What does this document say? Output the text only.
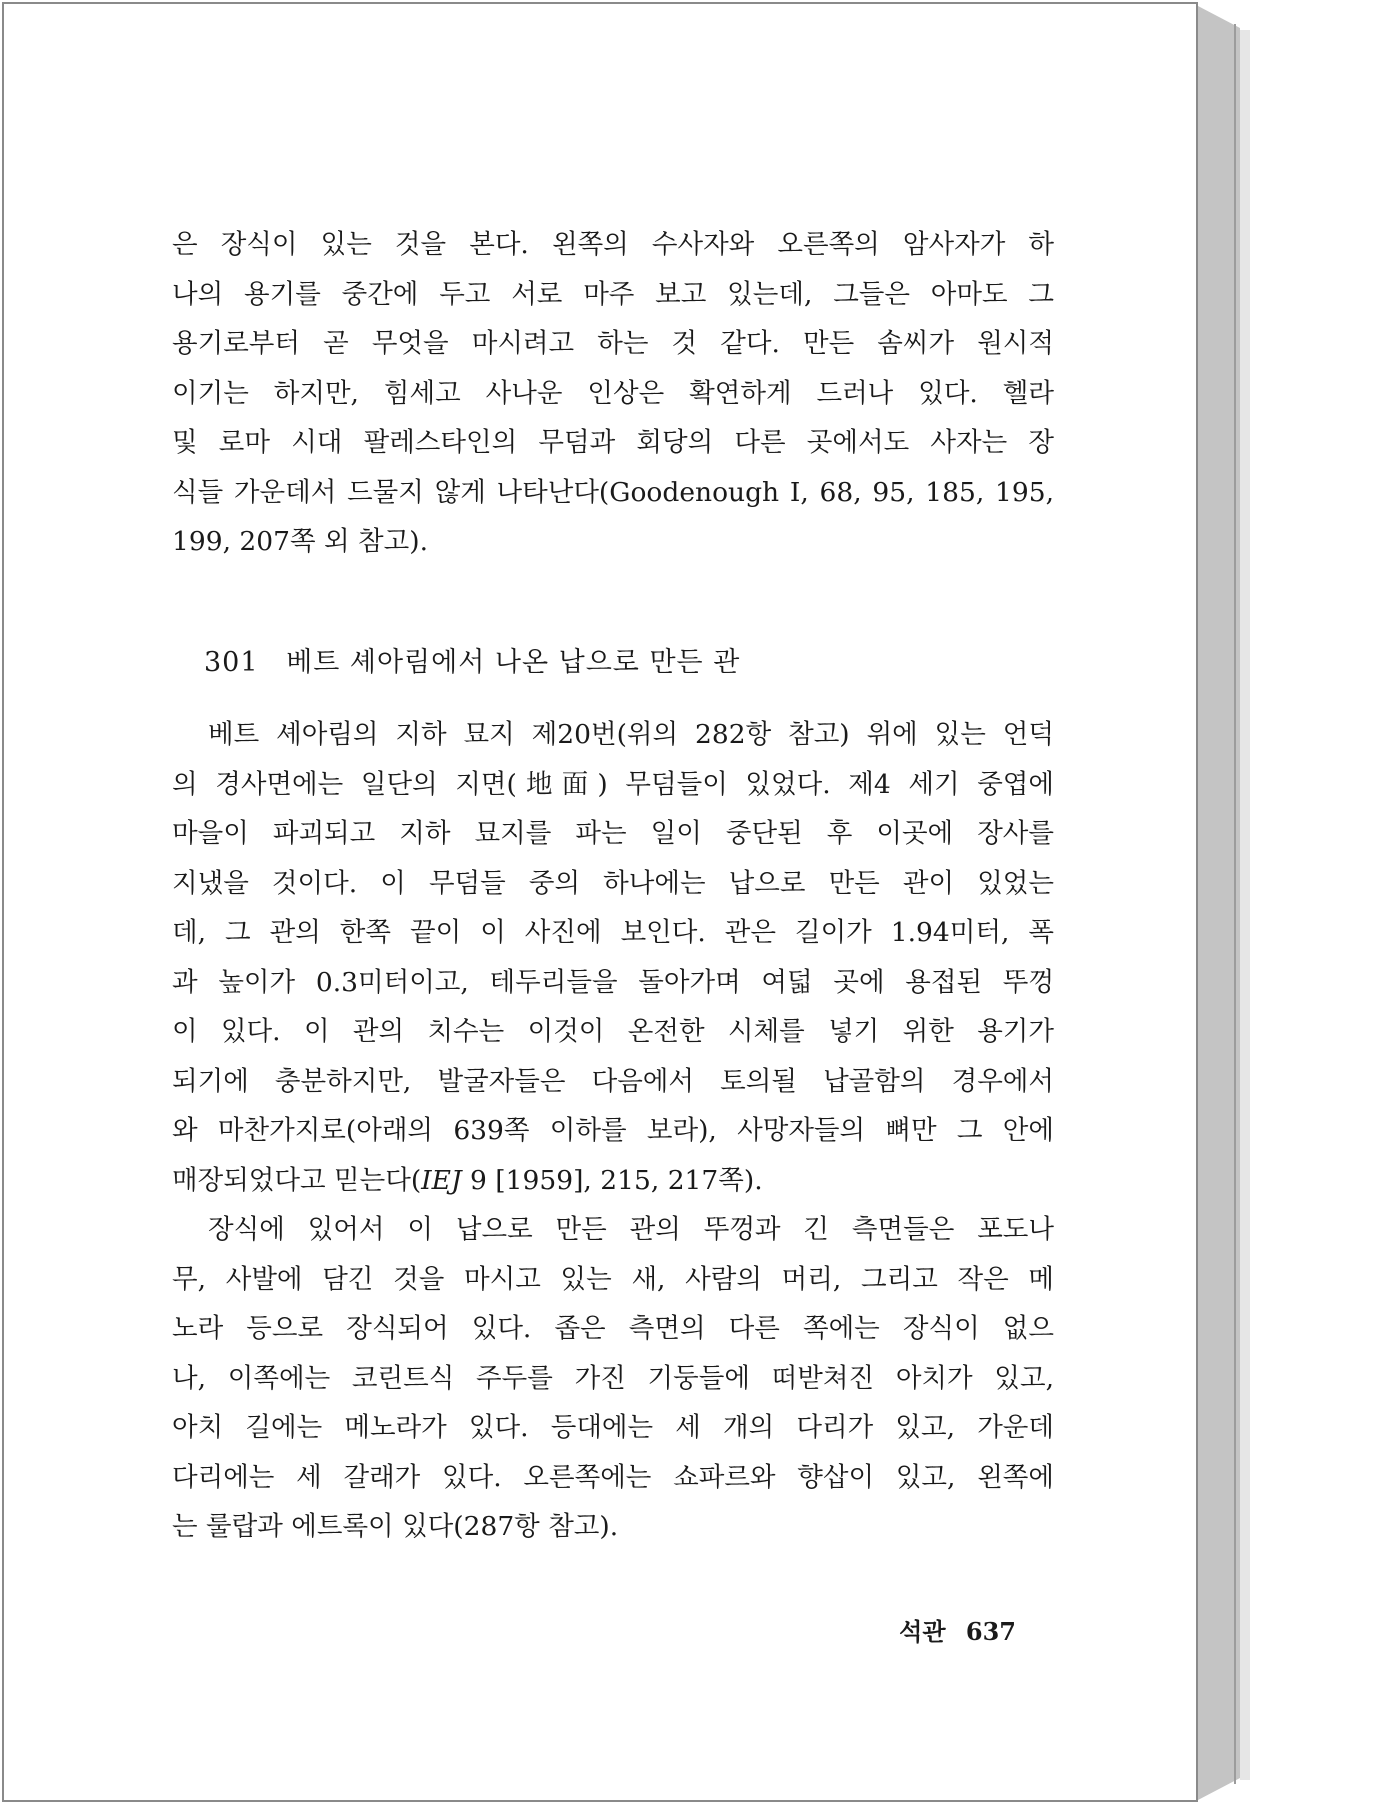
은 장식이 있는 것을 본다. 왼쪽의 수사자와 오른쪽의 암사자가 하
나의 용기를 중간에 두고 서로 마주 보고 있는데, 그들은 아마도 그
용기로부터 곧 무엇을 마시려고 하는 것 같다. 만든 솜씨가 원시적
이기는 하지만, 힘세고 사나운 인상은 확연하게 드러나 있다. 헬라
및 로마 시대 팔레스타인의 무덤과 회당의 다른 곳에서도 사자는 장
식들 가운데서 드물지 않게 나타난다(Goodenough I, 68, 95, 185, 195,
199, 207쪽 외 참고).
301 베트 셰아림에서 나온 납으로 만든 관
베트 셰아림의 지하 묘지 제20번(위의 282항 참고) 위에 있는 언덕
의 경사면에는 일단의 지면(地面) 무덤들이 있었다. 제4 세기 중엽에
마을이 파괴되고 지하 묘지를 파는 일이 중단된 후 이곳에 장사를
지냈을 것이다. 이 무덤들 중의 하나에는 납으로 만든 관이 있었는
데, 그 관의 한쪽 끝이 이 사진에 보인다. 관은 길이가 1.94미터, 폭
과 높이가 0.3미터이고, 테두리들을 돌아가며 여덟 곳에 용접된 뚜껑
이 있다. 이 관의 치수는 이것이 온전한 시체를 넣기 위한 용기가
되기에 충분하지만, 발굴자들은 다음에서 토의될 납골함의 경우에서
와 마찬가지로(아래의 639쪽 이하를 보라), 사망자들의 뼈만 그 안에
매장되었다고 믿는다(IEJ 9 [1959], 215, 217쪽).
장식에 있어서 이 납으로 만든 관의 뚜껑과 긴 측면들은 포도나
무, 사발에 담긴 것을 마시고 있는 새, 사람의 머리, 그리고 작은 메
노라 등으로 장식되어 있다. 좁은 측면의 다른 쪽에는 장식이 없으
나, 이쪽에는 코린트식 주두를 가진 기둥들에 떠받쳐진 아치가 있고,
아치 길에는 메노라가 있다. 등대에는 세 개의 다리가 있고, 가운데
다리에는 세 갈래가 있다. 오른쪽에는 쇼파르와 향삽이 있고, 왼쪽에
는 룰랍과 에트록이 있다(287항 참고).
석관 637
